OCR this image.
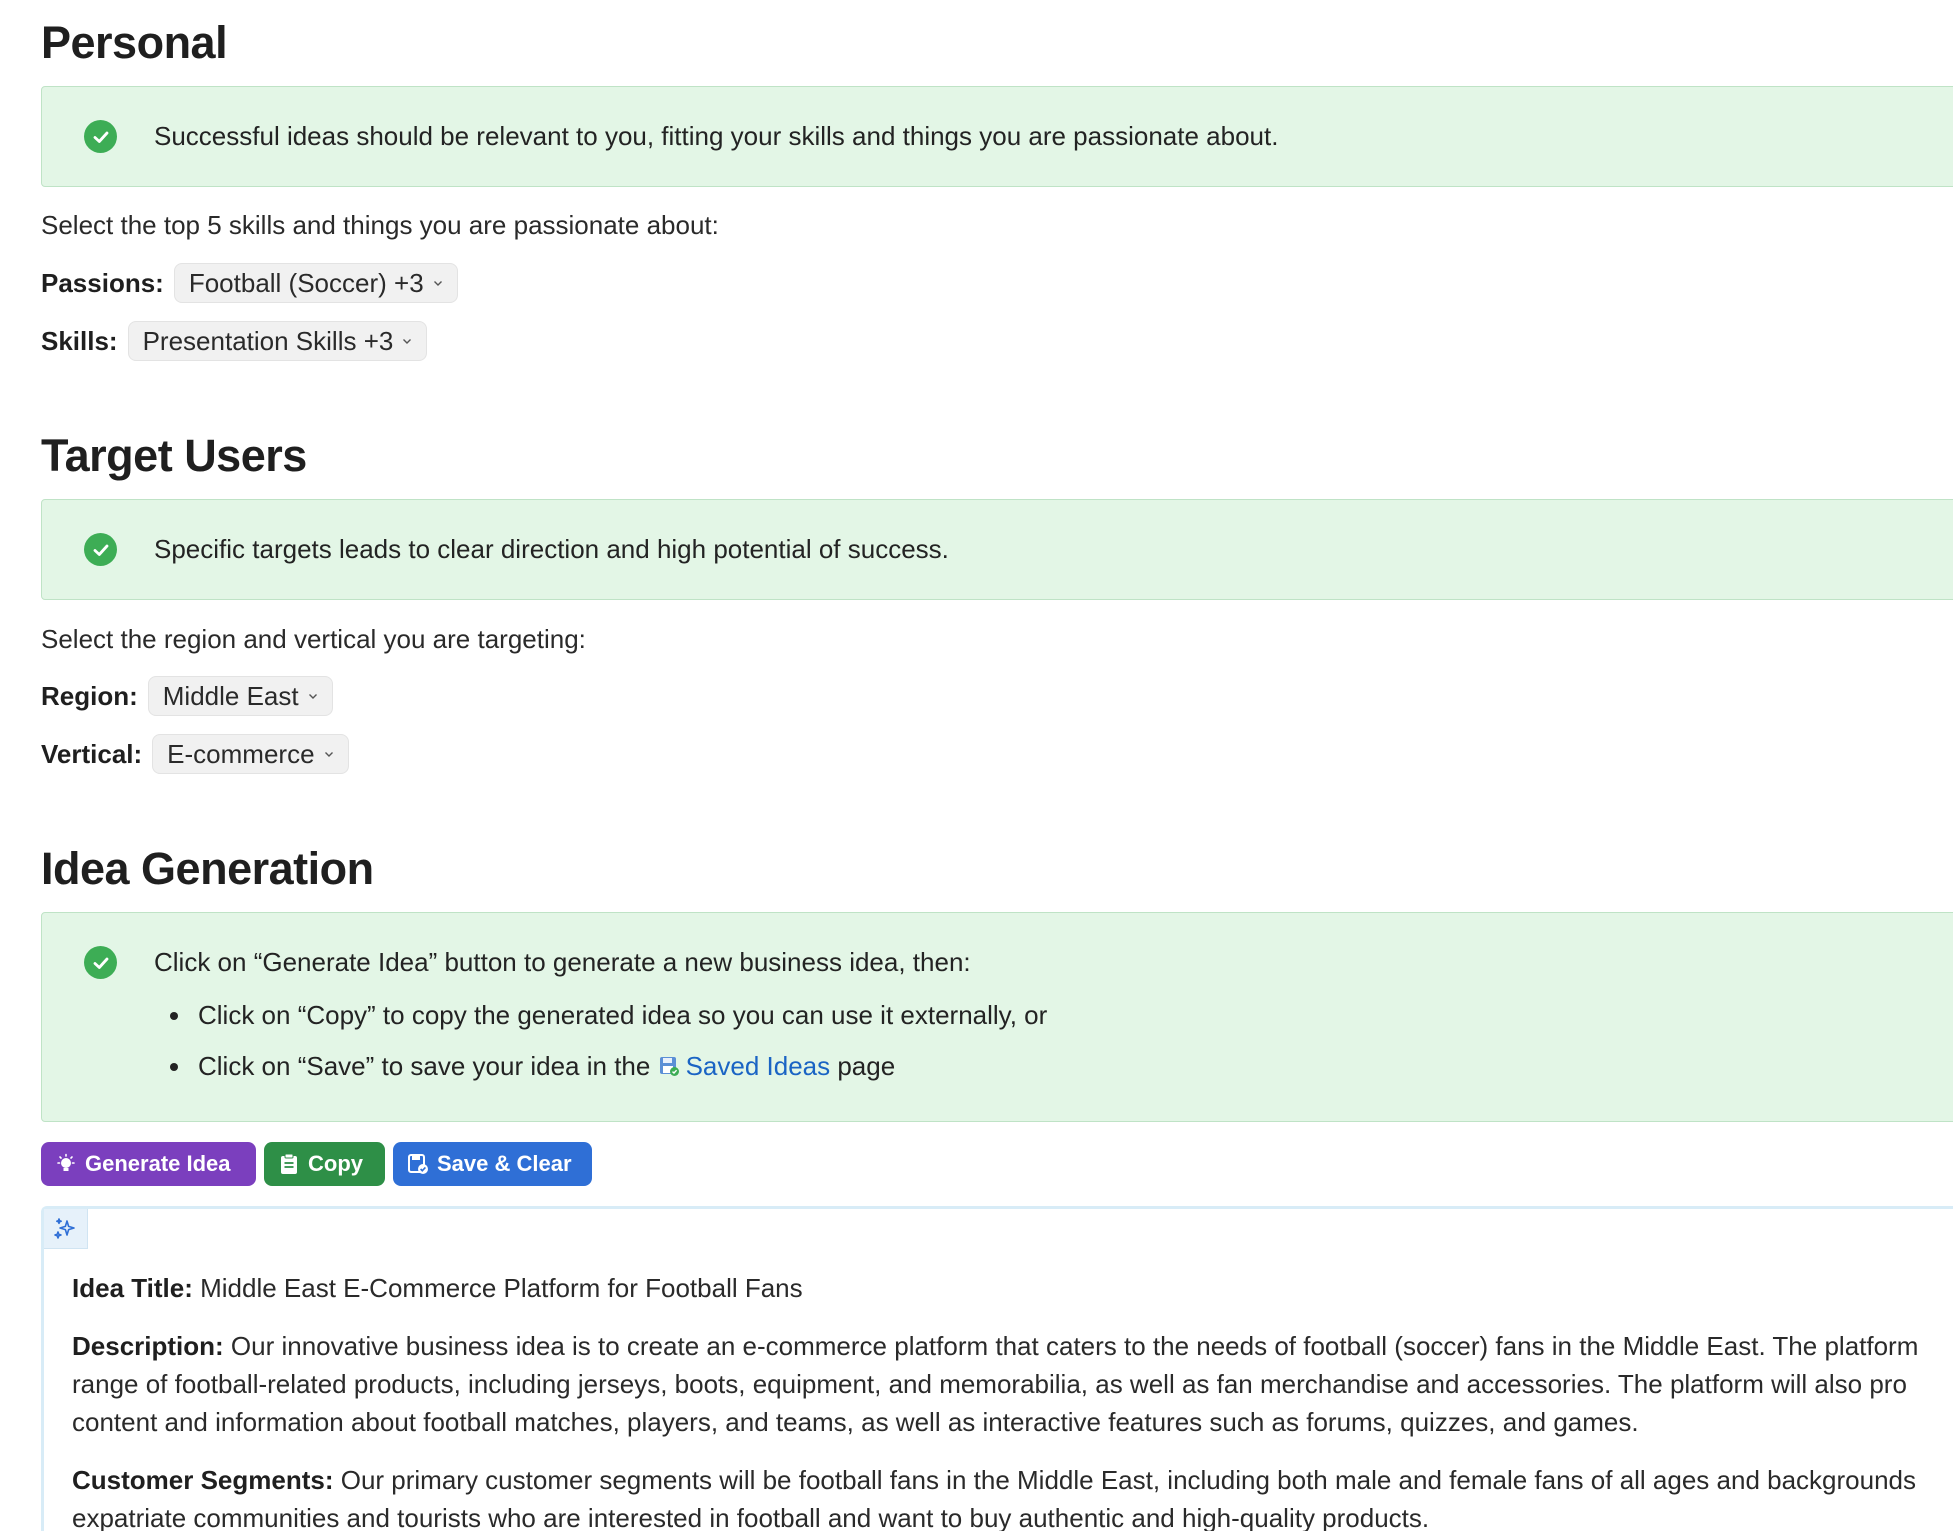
Personal
Successful ideas should be relevant to you, fitting your skills and things you are passionate about.
Select the top 5 skills and things you are passionate about:
Passions: Football (Soccer) +3
Skills: Presentation Skills +3
Target Users
Specific targets leads to clear direction and high potential of success.
Select the region and vertical you are targeting:
Region: Middle East
Vertical: E-commerce
Idea Generation
Click on “Generate Idea” button to generate a new business idea, then:
Click on “Copy” to copy the generated idea so you can use it externally, or
Click on “Save” to save your idea in the Saved Ideas page
Generate Idea	Copy	Save & Clear
Idea Title: Middle East E-Commerce Platform for Football Fans
Description: Our innovative business idea is to create an e-commerce platform that caters to the needs of football (soccer) fans in the Middle East. The platform
range of football-related products, including jerseys, boots, equipment, and memorabilia, as well as fan merchandise and accessories. The platform will also pro
content and information about football matches, players, and teams, as well as interactive features such as forums, quizzes, and games.
Customer Segments: Our primary customer segments will be football fans in the Middle East, including both male and female fans of all ages and backgrounds
expatriate communities and tourists who are interested in football and want to buy authentic and high-quality products.
